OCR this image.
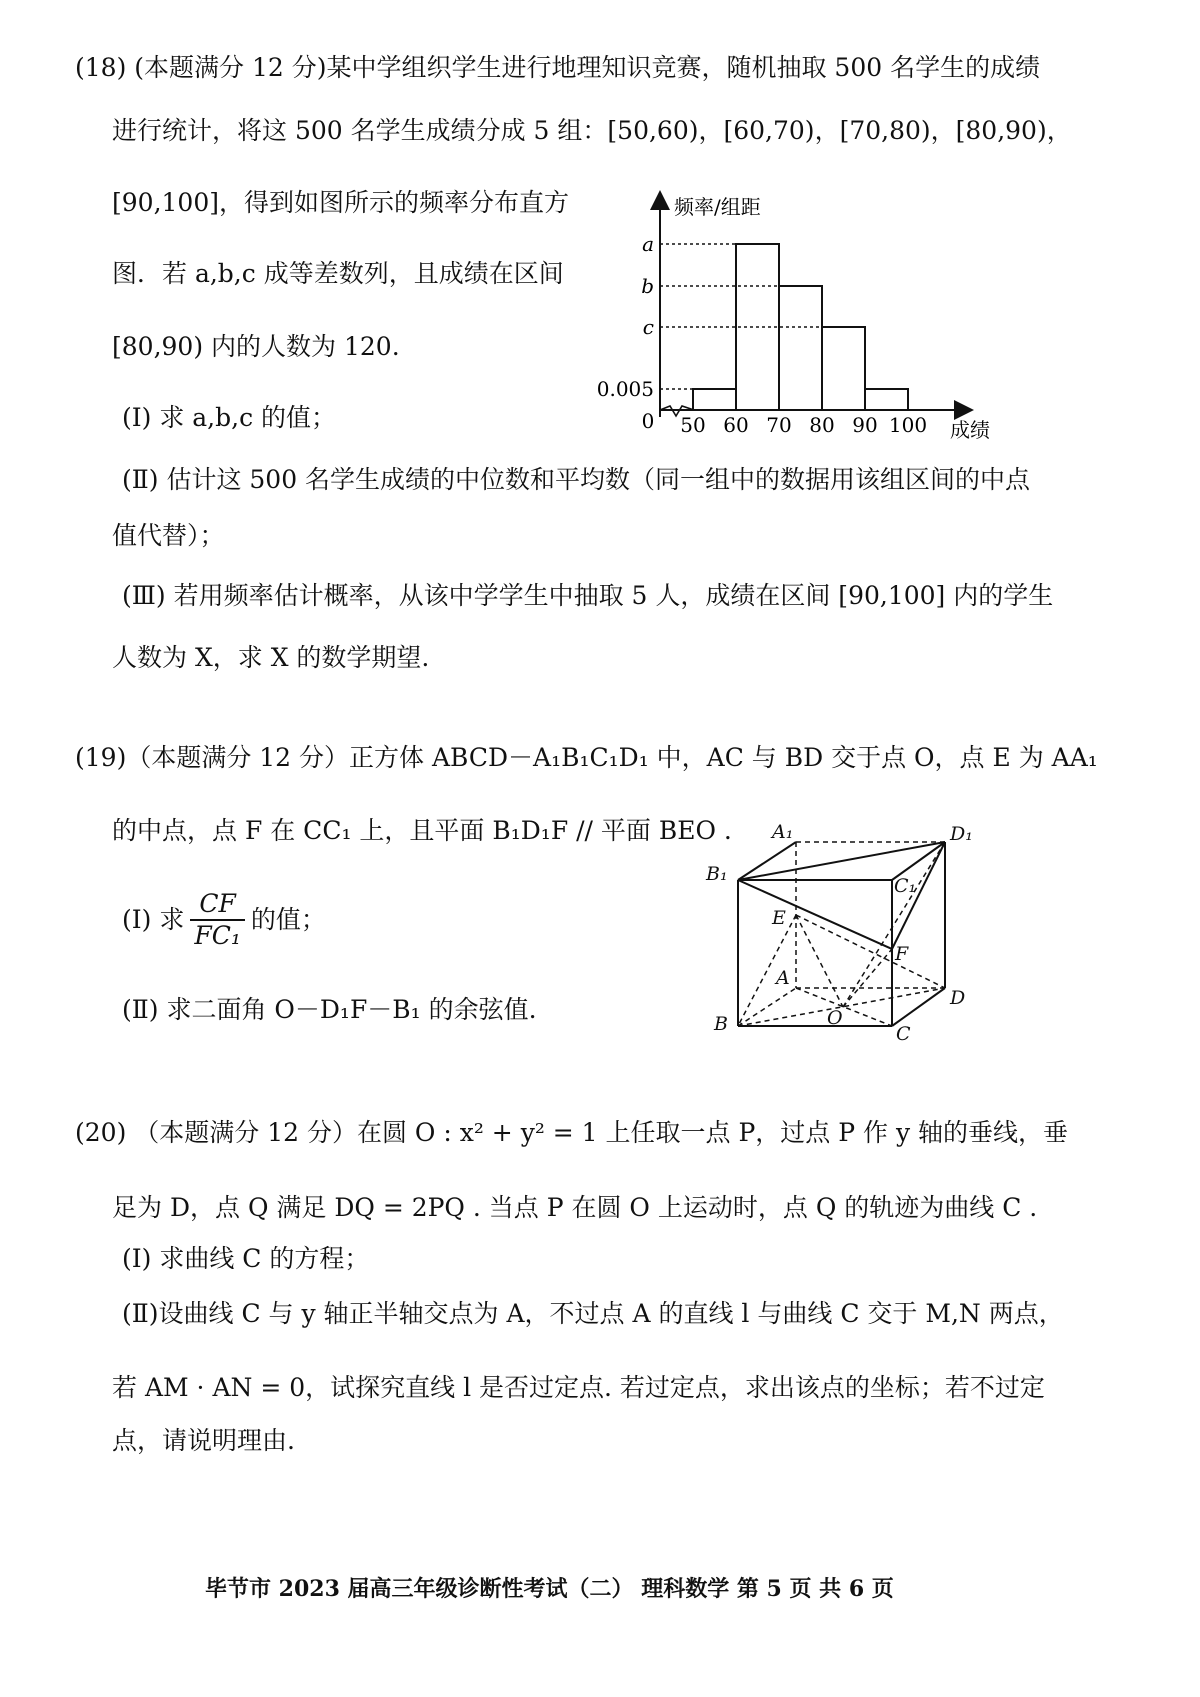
(18) (本题满分 12 分)某中学组织学生进行地理知识竞赛，随机抽取 500 名学生的成绩
进行统计，将这 500 名学生成绩分成 5 组：[50,60)，[60,70)，[70,80)，[80,90)，
[90,100]，得到如图所示的频率分布直方
图．若 a,b,c 成等差数列，且成绩在区间
[80,90) 内的人数为 120.
(Ⅰ) 求 a,b,c 的值；
(Ⅱ) 估计这 500 名学生成绩的中位数和平均数（同一组中的数据用该组区间的中点
值代替）；
(Ⅲ) 若用频率估计概率，从该中学学生中抽取 5 人，成绩在区间 [90,100] 内的学生
人数为 X，求 X 的数学期望.
频率/组距
成绩
0 50 60 70 80 90 100
a
b
c
0.005
(19)（本题满分 12 分）正方体 ABCD－A₁B₁C₁D₁ 中，AC 与 BD 交于点 O，点 E 为 AA₁
的中点，点 F 在 CC₁ 上，且平面 B₁D₁F // 平面 BEO .
(Ⅰ) 求
CF
FC₁
的值；
(Ⅱ) 求二面角 O－D₁F－B₁ 的余弦值.
A₁	D₁
B₁
C₁
E
F
A
D
B	O
C
(20) （本题满分 12 分）在圆 O : x² + y² = 1 上任取一点 P，过点 P 作 y 轴的垂线，垂
足为 D，点 Q 满足 DQ = 2PQ . 当点 P 在圆 O 上运动时，点 Q 的轨迹为曲线 C .
(Ⅰ) 求曲线 C 的方程；
(Ⅱ)设曲线 C 与 y 轴正半轴交点为 A，不过点 A 的直线 l 与曲线 C 交于 M,N 两点，
若 AM · AN = 0，试探究直线 l 是否过定点. 若过定点，求出该点的坐标；若不过定
点，请说明理由.
毕节市 2023 届高三年级诊断性考试（二） 理科数学 第 5 页 共 6 页
